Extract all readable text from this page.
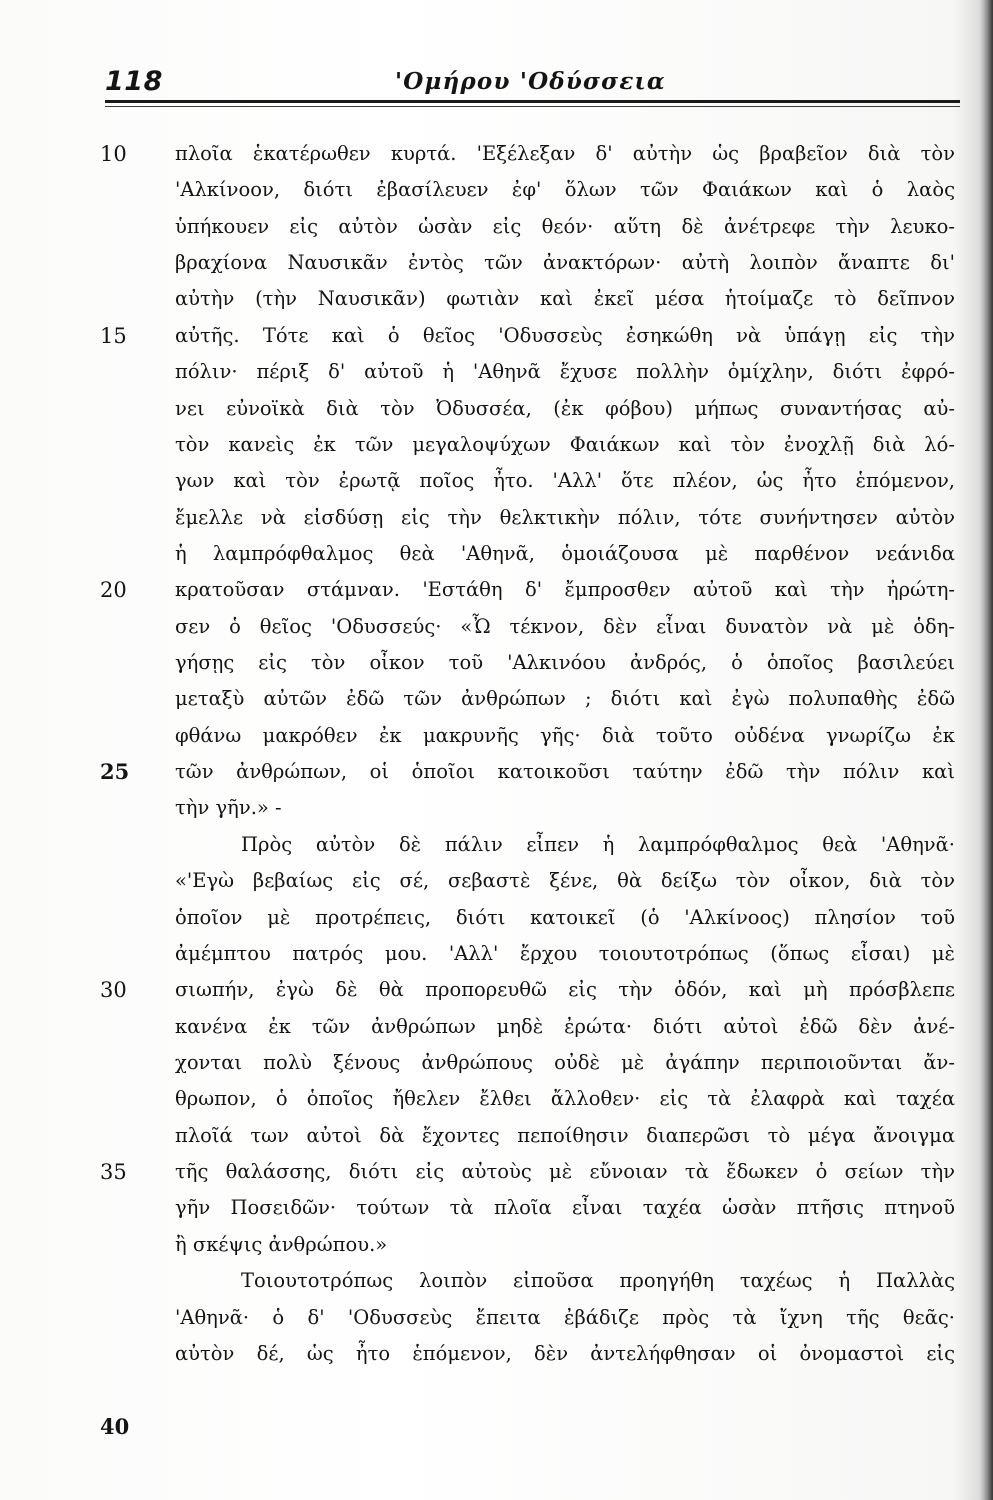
118	'Ομήρου 'Οδύσσεια
10
15
20
25
30
35
40
πλοῖα ἑκατέρωθεν κυρτά. 'Εξέλεξαν δ' αὐτὴν ὡς βραβεῖον διὰ τὸν
'Αλκίνοον, διότι ἐβασίλευεν ἐφ' ὅλων τῶν Φαιάκων καὶ ὁ λαὸς
ὑπήκουεν εἰς αὐτὸν ὡσὰν εἰς θεόν· αὕτη δὲ ἀνέτρεφε τὴν λευκο-
βραχίονα Ναυσικᾶν ἐντὸς τῶν ἀνακτόρων· αὐτὴ λοιπὸν ἄναπτε δι'
αὐτὴν (τὴν Ναυσικᾶν) φωτιὰν καὶ ἐκεῖ μέσα ἡτοίμαζε τὸ δεῖπνον
αὐτῆς. Τότε καὶ ὁ θεῖος 'Οδυσσεὺς ἐσηκώθη νὰ ὑπάγῃ εἰς τὴν
πόλιν· πέριξ δ' αὐτοῦ ἡ 'Αθηνᾶ ἔχυσε πολλὴν ὁμίχλην, διότι ἐφρό-
νει εὐνοϊκὰ διὰ τὸν Ὀδυσσέα, (ἐκ φόβου) μήπως συναντήσας αὐ-
τὸν κανεὶς ἐκ τῶν μεγαλοψύχων Φαιάκων καὶ τὸν ἐνοχλῇ διὰ λό-
γων καὶ τὸν ἐρωτᾷ ποῖος ἦτο. 'Αλλ' ὅτε πλέον, ὡς ἦτο ἑπόμενον,
ἔμελλε νὰ εἰσδύσῃ εἰς τὴν θελκτικὴν πόλιν, τότε συνήντησεν αὐτὸν
ἡ λαμπρόφθαλμος θεὰ 'Αθηνᾶ, ὁμοιάζουσα μὲ παρθένον νεάνιδα
κρατοῦσαν στάμναν. 'Εστάθη δ' ἔμπροσθεν αὐτοῦ καὶ τὴν ἠρώτη-
σεν ὁ θεῖος 'Οδυσσεύς· «Ὦ τέκνον, δὲν εἶναι δυνατὸν νὰ μὲ ὁδη-
γήσῃς εἰς τὸν οἶκον τοῦ 'Αλκινόου ἀνδρός, ὁ ὁποῖος βασιλεύει
μεταξὺ αὐτῶν ἐδῶ τῶν ἀνθρώπων ; διότι καὶ ἐγὼ πολυπαθὴς ἐδῶ
φθάνω μακρόθεν ἐκ μακρυνῆς γῆς· διὰ τοῦτο οὐδένα γνωρίζω ἐκ
τῶν ἀνθρώπων, οἱ ὁποῖοι κατοικοῦσι ταύτην ἐδῶ τὴν πόλιν καὶ
τὴν γῆν.» -
Πρὸς αὐτὸν δὲ πάλιν εἶπεν ἡ λαμπρόφθαλμος θεὰ 'Αθηνᾶ·
«'Εγὼ βεβαίως εἰς σέ, σεβαστὲ ξένε, θὰ δείξω τὸν οἶκον, διὰ τὸν
ὁποῖον μὲ προτρέπεις, διότι κατοικεῖ (ὁ 'Αλκίνοος) πλησίον τοῦ
ἀμέμπτου πατρός μου. 'Αλλ' ἔρχου τοιουτοτρόπως (ὅπως εἶσαι) μὲ
σιωπήν, ἐγὼ δὲ θὰ προπορευθῶ εἰς τὴν ὁδόν, καὶ μὴ πρόσβλεπε
κανένα ἐκ τῶν ἀνθρώπων μηδὲ ἐρώτα· διότι αὐτοὶ ἐδῶ δὲν ἀνέ-
χονται πολὺ ξένους ἀνθρώπους οὐδὲ μὲ ἀγάπην περιποιοῦνται ἄν-
θρωπον, ὁ ὁποῖος ἤθελεν ἔλθει ἄλλοθεν· εἰς τὰ ἐλαφρὰ καὶ ταχέα
πλοῖά των αὐτοὶ δὰ ἔχοντες πεποίθησιν διαπερῶσι τὸ μέγα ἄνοιγμα
τῆς θαλάσσης, διότι εἰς αὐτοὺς μὲ εὔνοιαν τὰ ἔδωκεν ὁ σείων τὴν
γῆν Ποσειδῶν· τούτων τὰ πλοῖα εἶναι ταχέα ὡσὰν πτῆσις πτηνοῦ
ἢ σκέψις ἀνθρώπου.»
Τοιουτοτρόπως λοιπὸν εἰποῦσα προηγήθη ταχέως ἡ Παλλὰς
'Αθηνᾶ· ὁ δ' 'Οδυσσεὺς ἔπειτα ἐβάδιζε πρὸς τὰ ἴχνη τῆς θεᾶς·
αὐτὸν δέ, ὡς ἦτο ἑπόμενον, δὲν ἀντελήφθησαν οἱ ὀνομαστοὶ εἰς
